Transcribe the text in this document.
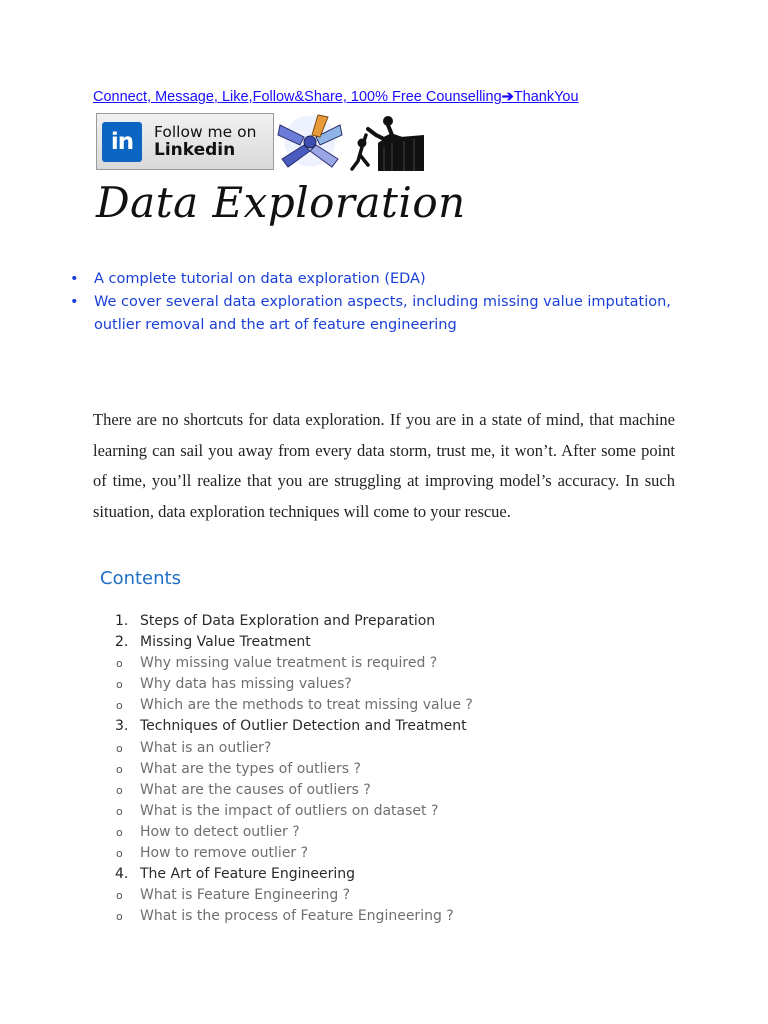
Connect, Message, Like,Follow&Share, 100% Free Counselling➔ThankYou
in	Follow me on
Linkedin
Data Exploration
• A complete tutorial on data exploration (EDA)
• We cover several data exploration aspects, including missing value imputation, outlier removal and the art of feature engineering

There are no shortcuts for data exploration. If you are in a state of mind, that machine learning can sail you away from every data storm, trust me, it won’t. After some point of time, you’ll realize that you are struggling at improving model’s accuracy. In such situation, data exploration techniques will come to your rescue.

Contents
1. Steps of Data Exploration and Preparation
2. Missing Value Treatment
o Why missing value treatment is required ?
o Why data has missing values?
o Which are the methods to treat missing value ?
3. Techniques of Outlier Detection and Treatment
o What is an outlier?
o What are the types of outliers ?
o What are the causes of outliers ?
o What is the impact of outliers on dataset ?
o How to detect outlier ?
o How to remove outlier ?
4. The Art of Feature Engineering
o What is Feature Engineering ?
o What is the process of Feature Engineering ?
